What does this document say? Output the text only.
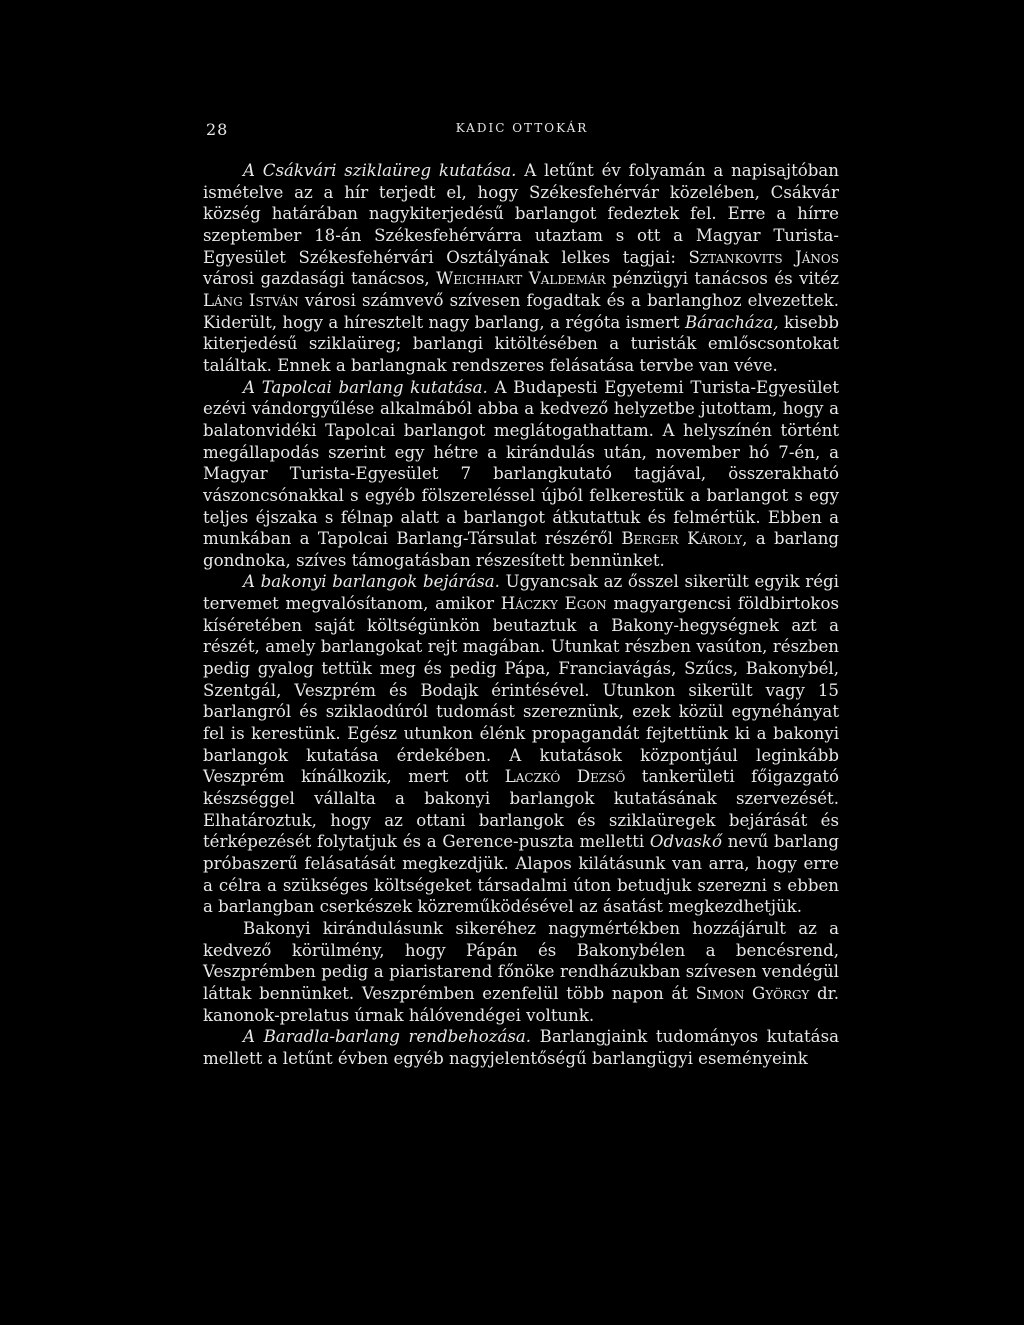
28	KADIC OTTOKÁR

A Csákvári sziklaüreg kutatása. A letűnt év folyamán a napisajtóban ismételve az a hír terjedt el, hogy Székesfehérvár közelében, Csákvár község határában nagykiterjedésű barlangot fedeztek fel. Erre a hírre szeptember 18-án Székesfehérvárra utaztam s ott a Magyar Turista-Egyesület Székesfehérvári Osztályának lelkes tagjai: Sztankovits János városi gazdasági tanácsos, Weichhart Valdemár pénzügyi tanácsos és vitéz Láng István városi számvevő szívesen fogadtak és a barlanghoz elvezettek. Kiderült, hogy a híresztelt nagy barlang, a régóta ismert Báracháza, kisebb kiterjedésű sziklaüreg; barlangi kitöltésében a turisták emlőscsontokat találtak. Ennek a barlangnak rendszeres felásatása tervbe van véve.

A Tapolcai barlang kutatása. A Budapesti Egyetemi Turista-Egyesület ezévi vándorgyűlése alkalmából abba a kedvező helyzetbe jutottam, hogy a balatonvidéki Tapolcai barlangot meglátogathattam. A helyszínén történt megállapodás szerint egy hétre a kirándulás után, november hó 7-én, a Magyar Turista-Egyesület 7 barlangkutató tagjával, összerakható vászoncsónakkal s egyéb fölszereléssel újból felkerestük a barlangot s egy teljes éjszaka s félnap alatt a barlangot átkutattuk és felmértük. Ebben a munkában a Tapolcai Barlang-Társulat részéről Berger Károly, a barlang gondnoka, szíves támogatásban részesített bennünket.

A bakonyi barlangok bejárása. Ugyancsak az ősszel sikerült egyik régi tervemet megvalósítanom, amikor Háczky Egon magyargencsi földbirtokos kíséretében saját költségünkön beutaztuk a Bakony-hegységnek azt a részét, amely barlangokat rejt magában. Utunkat részben vasúton, részben pedig gyalog tettük meg és pedig Pápa, Franciavágás, Szűcs, Bakonybél, Szentgál, Veszprém és Bodajk érintésével. Utunkon sikerült vagy 15 barlangról és sziklaodúról tudomást szereznünk, ezek közül egynéhányat fel is kerestünk. Egész utunkon élénk propagandát fejtettünk ki a bakonyi barlangok kutatása érdekében. A kutatások központjául leginkább Veszprém kínálkozik, mert ott Laczkó Dezső tankerületi főigazgató készséggel vállalta a bakonyi barlangok kutatásának szervezését. Elhatároztuk, hogy az ottani barlangok és sziklaüregek bejárását és térképezését folytatjuk és a Gerence-puszta melletti Odvaskő nevű barlang próbaszerű felásatását megkezdjük. Alapos kilátásunk van arra, hogy erre a célra a szükséges költségeket társadalmi úton betudjuk szerezni s ebben a barlangban cserkészek közreműködésével az ásatást megkezdhetjük.

Bakonyi kirándulásunk sikeréhez nagymértékben hozzájárult az a kedvező körülmény, hogy Pápán és Bakonybélen a bencésrend, Veszprémben pedig a piaristarend főnöke rendházukban szívesen vendégül láttak bennünket. Veszprémben ezenfelül több napon át Simon György dr. kanonok-prelatus úrnak hálóvendégei voltunk.

A Baradla-barlang rendbehozása. Barlangjaink tudományos kutatása mellett a letűnt évben egyéb nagyjelentőségű barlangügyi eseményeink
